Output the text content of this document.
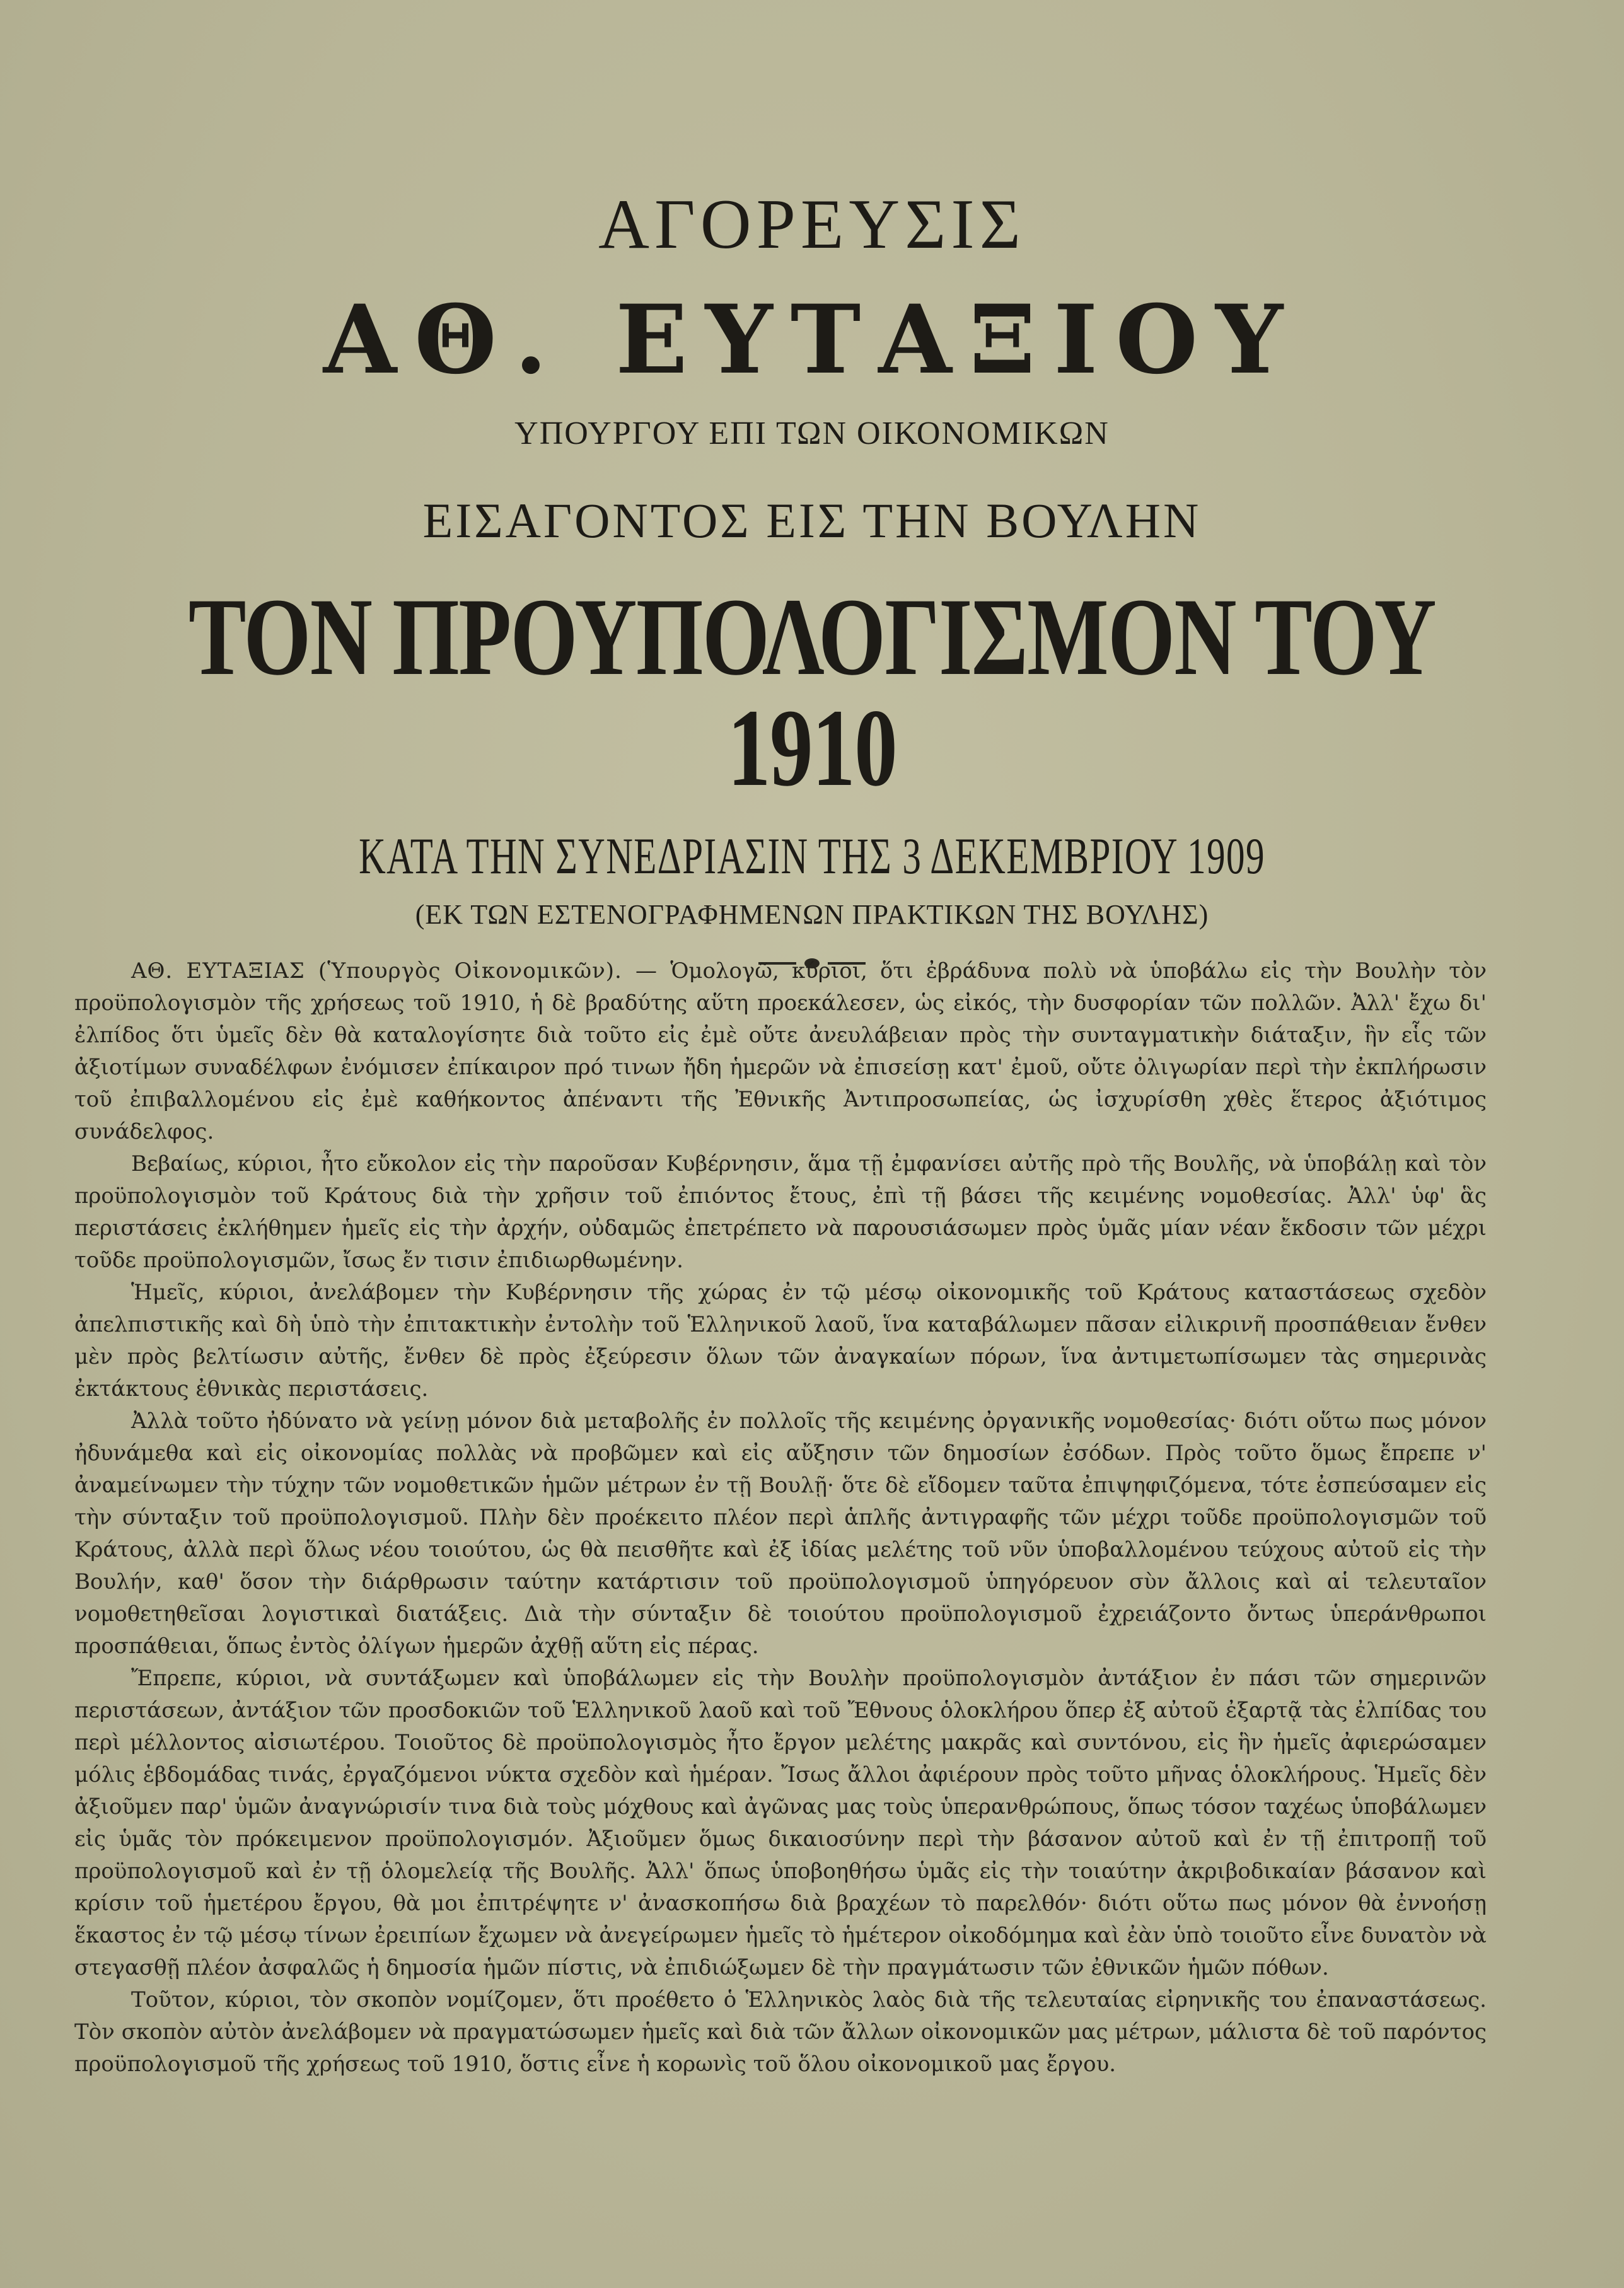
ΑΓΟΡΕΥΣΙΣ
ΑΘ. ΕΥΤΑΞΙΟΥ
ΥΠΟΥΡΓΟΥ ΕΠΙ ΤΩΝ ΟΙΚΟΝΟΜΙΚΩΝ
ΕΙΣΑΓΟΝΤΟΣ ΕΙΣ ΤΗΝ ΒΟΥΛΗΝ
ΤΟΝ ΠΡΟΥΠΟΛΟΓΙΣΜΟΝ ΤΟΥ 1910
ΚΑΤΑ ΤΗΝ ΣΥΝΕΔΡΙΑΣΙΝ ΤΗΣ 3 ΔΕΚΕΜΒΡΙΟΥ 1909
(ΕΚ ΤΩΝ ΕΣΤΕΝΟΓΡΑΦΗΜΕΝΩΝ ΠΡΑΚΤΙΚΩΝ ΤΗΣ ΒΟΥΛΗΣ)

ΑΘ. ΕΥΤΑΞΙΑΣ (Ὑπουργὸς Οἰκονομικῶν). — Ὁμολογῶ, κύριοι, ὅτι ἐβράδυνα πολὺ νὰ ὑποβάλω εἰς τὴν Βουλὴν τὸν προϋπολογισμὸν τῆς χρήσεως τοῦ 1910, ἡ δὲ βραδύτης αὕτη προεκάλεσεν, ὡς εἰκός, τὴν δυσφορίαν τῶν πολλῶν. Ἀλλ' ἔχω δι' ἐλπίδος ὅτι ὑμεῖς δὲν θὰ καταλογίσητε διὰ τοῦτο εἰς ἐμὲ οὔτε ἀνευλάβειαν πρὸς τὴν συνταγματικὴν διάταξιν, ἣν εἷς τῶν ἀξιοτίμων συναδέλφων ἐνόμισεν ἐπίκαιρον πρό τινων ἤδη ἡμερῶν νὰ ἐπισείσῃ κατ' ἐμοῦ, οὔτε ὀλιγωρίαν περὶ τὴν ἐκπλήρωσιν τοῦ ἐπιβαλλομένου εἰς ἐμὲ καθήκοντος ἀπέναντι τῆς Ἐθνικῆς Ἀντιπροσωπείας, ὡς ἰσχυρίσθη χθὲς ἕτερος ἀξιότιμος συνάδελφος.

Βεβαίως, κύριοι, ἦτο εὔκολον εἰς τὴν παροῦσαν Κυβέρνησιν, ἅμα τῇ ἐμφανίσει αὐτῆς πρὸ τῆς Βουλῆς, νὰ ὑποβάλῃ καὶ τὸν προϋπολογισμὸν τοῦ Κράτους διὰ τὴν χρῆσιν τοῦ ἐπιόντος ἔτους, ἐπὶ τῇ βάσει τῆς κειμένης νομοθεσίας. Ἀλλ' ὑφ' ἃς περιστάσεις ἐκλήθημεν ἡμεῖς εἰς τὴν ἀρχήν, οὐδαμῶς ἐπετρέπετο νὰ παρουσιάσωμεν πρὸς ὑμᾶς μίαν νέαν ἔκδοσιν τῶν μέχρι τοῦδε προϋπολογισμῶν, ἴσως ἔν τισιν ἐπιδιωρθωμένην.

Ἡμεῖς, κύριοι, ἀνελάβομεν τὴν Κυβέρνησιν τῆς χώρας ἐν τῷ μέσῳ οἰκονομικῆς τοῦ Κράτους καταστάσεως σχεδὸν ἀπελπιστικῆς καὶ δὴ ὑπὸ τὴν ἐπιτακτικὴν ἐντολὴν τοῦ Ἑλληνικοῦ λαοῦ, ἵνα καταβάλωμεν πᾶσαν εἰλικρινῆ προσπάθειαν ἔνθεν μὲν πρὸς βελτίωσιν αὐτῆς, ἔνθεν δὲ πρὸς ἐξεύρεσιν ὅλων τῶν ἀναγκαίων πόρων, ἵνα ἀντιμετωπίσωμεν τὰς σημερινὰς ἐκτάκτους ἐθνικὰς περιστάσεις.

Ἀλλὰ τοῦτο ἠδύνατο νὰ γείνῃ μόνον διὰ μεταβολῆς ἐν πολλοῖς τῆς κειμένης ὀργανικῆς νομοθεσίας· διότι οὕτω πως μόνον ἠδυνάμεθα καὶ εἰς οἰκονομίας πολλὰς νὰ προβῶμεν καὶ εἰς αὔξησιν τῶν δημοσίων ἐσόδων. Πρὸς τοῦτο ὅμως ἔπρεπε ν' ἀναμείνωμεν τὴν τύχην τῶν νομοθετικῶν ἡμῶν μέτρων ἐν τῇ Βουλῇ· ὅτε δὲ εἴδομεν ταῦτα ἐπιψηφιζόμενα, τότε ἐσπεύσαμεν εἰς τὴν σύνταξιν τοῦ προϋπολογισμοῦ. Πλὴν δὲν προέκειτο πλέον περὶ ἁπλῆς ἀντιγραφῆς τῶν μέχρι τοῦδε προϋπολογισμῶν τοῦ Κράτους, ἀλλὰ περὶ ὅλως νέου τοιούτου, ὡς θὰ πεισθῆτε καὶ ἐξ ἰδίας μελέτης τοῦ νῦν ὑποβαλλομένου τεύχους αὐτοῦ εἰς τὴν Βουλήν, καθ' ὅσον τὴν διάρθρωσιν ταύτην κατάρτισιν τοῦ προϋπολογισμοῦ ὑπηγόρευον σὺν ἄλλοις καὶ αἱ τελευταῖον νομοθετηθεῖσαι λογιστικαὶ διατάξεις. Διὰ τὴν σύνταξιν δὲ τοιούτου προϋπολογισμοῦ ἐχρειάζοντο ὄντως ὑπεράνθρωποι προσπάθειαι, ὅπως ἐντὸς ὀλίγων ἡμερῶν ἀχθῇ αὕτη εἰς πέρας.

Ἔπρεπε, κύριοι, νὰ συντάξωμεν καὶ ὑποβάλωμεν εἰς τὴν Βουλὴν προϋπολογισμὸν ἀντάξιον ἐν πάσι τῶν σημερινῶν περιστάσεων, ἀντάξιον τῶν προσδοκιῶν τοῦ Ἑλληνικοῦ λαοῦ καὶ τοῦ Ἔθνους ὁλοκλήρου ὅπερ ἐξ αὐτοῦ ἐξαρτᾷ τὰς ἐλπίδας του περὶ μέλλοντος αἰσιωτέρου. Τοιοῦτος δὲ προϋπολογισμὸς ἦτο ἔργον μελέτης μακρᾶς καὶ συντόνου, εἰς ἣν ἡμεῖς ἀφιερώσαμεν μόλις ἑβδομάδας τινάς, ἐργαζόμενοι νύκτα σχεδὸν καὶ ἡμέραν. Ἴσως ἄλλοι ἀφιέρουν πρὸς τοῦτο μῆνας ὁλοκλήρους. Ἡμεῖς δὲν ἀξιοῦμεν παρ' ὑμῶν ἀναγνώρισίν τινα διὰ τοὺς μόχθους καὶ ἀγῶνας μας τοὺς ὑπερανθρώπους, ὅπως τόσον ταχέως ὑποβάλωμεν εἰς ὑμᾶς τὸν πρόκειμενον προϋπολογισμόν. Ἀξιοῦμεν ὅμως δικαιοσύνην περὶ τὴν βάσανον αὐτοῦ καὶ ἐν τῇ ἐπιτροπῇ τοῦ προϋπολογισμοῦ καὶ ἐν τῇ ὁλομελείᾳ τῆς Βουλῆς. Ἀλλ' ὅπως ὑποβοηθήσω ὑμᾶς εἰς τὴν τοιαύτην ἀκριβοδικαίαν βάσανον καὶ κρίσιν τοῦ ἡμετέρου ἔργου, θὰ μοι ἐπιτρέψητε ν' ἀνασκοπήσω διὰ βραχέων τὸ παρελθόν· διότι οὕτω πως μόνον θὰ ἐννοήσῃ ἕκαστος ἐν τῷ μέσῳ τίνων ἐρειπίων ἔχωμεν νὰ ἀνεγείρωμεν ἡμεῖς τὸ ἡμέτερον οἰκοδόμημα καὶ ἐὰν ὑπὸ τοιοῦτο εἶνε δυνατὸν νὰ στεγασθῇ πλέον ἀσφαλῶς ἡ δημοσία ἡμῶν πίστις, νὰ ἐπιδιώξωμεν δὲ τὴν πραγμάτωσιν τῶν ἐθνικῶν ἡμῶν πόθων.

Τοῦτον, κύριοι, τὸν σκοπὸν νομίζομεν, ὅτι προέθετο ὁ Ἑλληνικὸς λαὸς διὰ τῆς τελευταίας εἰρηνικῆς του ἐπαναστάσεως. Τὸν σκοπὸν αὐτὸν ἀνελάβομεν νὰ πραγματώσωμεν ἡμεῖς καὶ διὰ τῶν ἄλλων οἰκονομικῶν μας μέτρων, μάλιστα δὲ τοῦ παρόντος προϋπολογισμοῦ τῆς χρήσεως τοῦ 1910, ὅστις εἶνε ἡ κορωνὶς τοῦ ὅλου οἰκονομικοῦ μας ἔργου.
